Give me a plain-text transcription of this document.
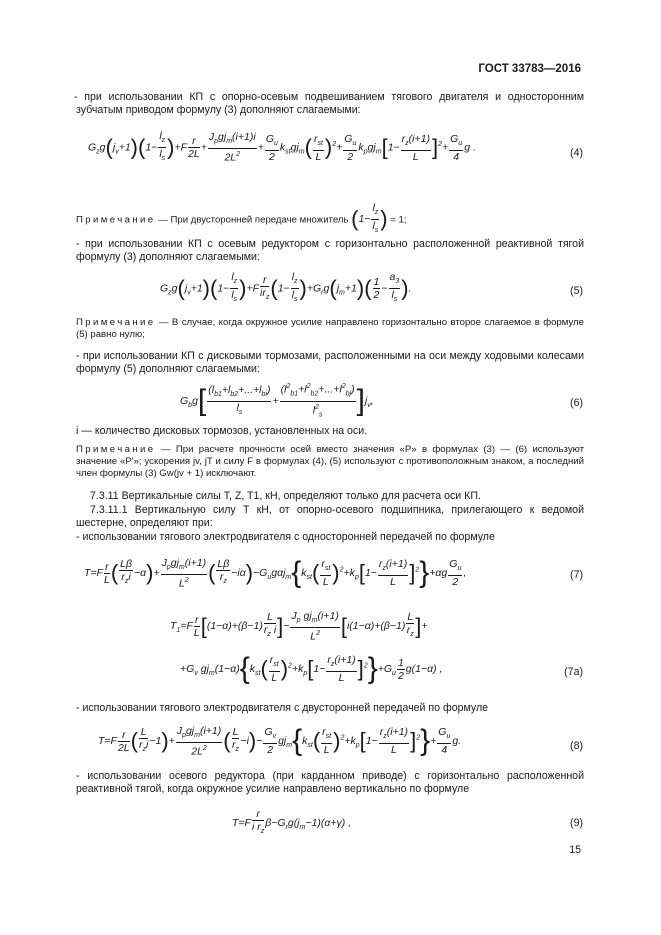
ГОСТ 33783—2016
- при использовании КП с опорно-осевым подвешиванием тягового двигателя и односторонним зубчатым приводом формулу (3) дополняют слагаемыми:
$G_zg(j_v+1)(1- \frac{l_z}{l_s} )+F \frac{r}{2L}$ +
$J_pgj_т(i+1)i$
$2L^2$
+ $\frac{G_u}{2} k_{st}gj_т$( $r_{st}$
L )$^2+ \frac{G_u}{2} k_pgj_т[1- \frac{r_z(i+1)}{L} ]^2+ \frac{G_u}{4}$ g .	(4)
Примечание — При двусторонней передаче множитель ($1- \frac{l_z}{l_s}$ ) = 1;
- при использовании КП с осевым редуктором с горизонтально расположенной реактивной тягой формулу (3) дополняют слагаемыми:
$G_zg(j_v+1)(1- \frac{l_z}{l_s} )+F$
r
$ir_z$ $(1- \frac{l_z}{l_s} )+G_rg(j_т+1)( \frac{1}{2} - \frac{a_3}{l_s}$ ).	(5)
Примечание — В случае, когда окружное усилие направлено горизонтально второе слагаемое в формуле (5) равно нулю;
- при использовании КП с дисковыми тормозами, расположенными на оси между ходовыми колесами формулу (5) дополняют слагаемыми:
$G_bg$[ $(l_{b1}+l_{b2}+...+l_{bi})$
$l_s$
+ $\frac{(l^2_{b1}+l^2_{b2}+...+l^2_{bj})}{l^2_s} ]j_v$,	(6)
i — количество дисковых тормозов, установленных на оси.
Примечание — При расчете прочности осей вместо значения «P» в формулах (3) — (6) используют значение «P'»; ускорения jv, jT и силу F в формулах (4), (5) используют с противоположным знаком, а последний член формулы (3) Gw(jv + 1) исключают.
7.3.11 Вертикальные силы T, Z, T1, кН, определяют только для расчета оси КП.
7.3.11.1 Вертикальную силу T кН, от опорно-осевого подшипника, прилегающего к ведомой шестерне, определяют при:
- использовании тягового электродвигателя с односторонней передачей по формуле
$T=F \frac{r}{L}$ ( Lβ
$r_zi -\alpha)+$
$J_pgj_т(i+1)$
$L^2$ ( $\frac{L\beta}{r_z} -i\alpha)-G_ug\alpha j_т\{k_{st}$( $r_{st}$
L )$^2+k_p[1- \frac{r_z(i+1)}{L} ]^2\}+\alpha g \frac{G_u}{2}$ ,	(7)
$T_1=F \frac{r}{L} [(1-\alpha)+(\beta-1) \frac{L}{r_z i}$ ]−
$J_p$ $gj_т(i+1)$
$L^2$ [$i(1-\alpha)+(\beta-1) \frac{L}{r_z}$ ]+
$+G_v$ $gj_т(1-\alpha)\{k_{st}$( $r_{st}$
L )$^2+k_p[1- \frac{r_z(i+1)}{L} ]^2\}+G_u \frac{1}{2} g(1-\alpha)$ ,	(7а)
- использовании тягового электродвигателя с двусторонней передачей по формуле
$T=F \frac{r}{2L}$ ( L
$r_zi -1)+$
$J_pgj_т(i+1)$
$2L^2$ ( $\frac{L}{r_z} -i)- \frac{G_v}{2} gj_т\{k_{st}$( $r_{st}$
L )$^2+k_p[1- \frac{r_z(i+1)}{L} ]^2\}+ \frac{G_u}{4} g$.	(8)
- использовании осевого редуктора (при карданном приводе) с горизонтально расположенной реактивной тягой, когда окружное усилие направлено вертикально по формуле
$T=F \frac{r}{i r_z} \beta-G_rg(j_т-1)(\alpha+\gamma)$ ,	(9)
15
